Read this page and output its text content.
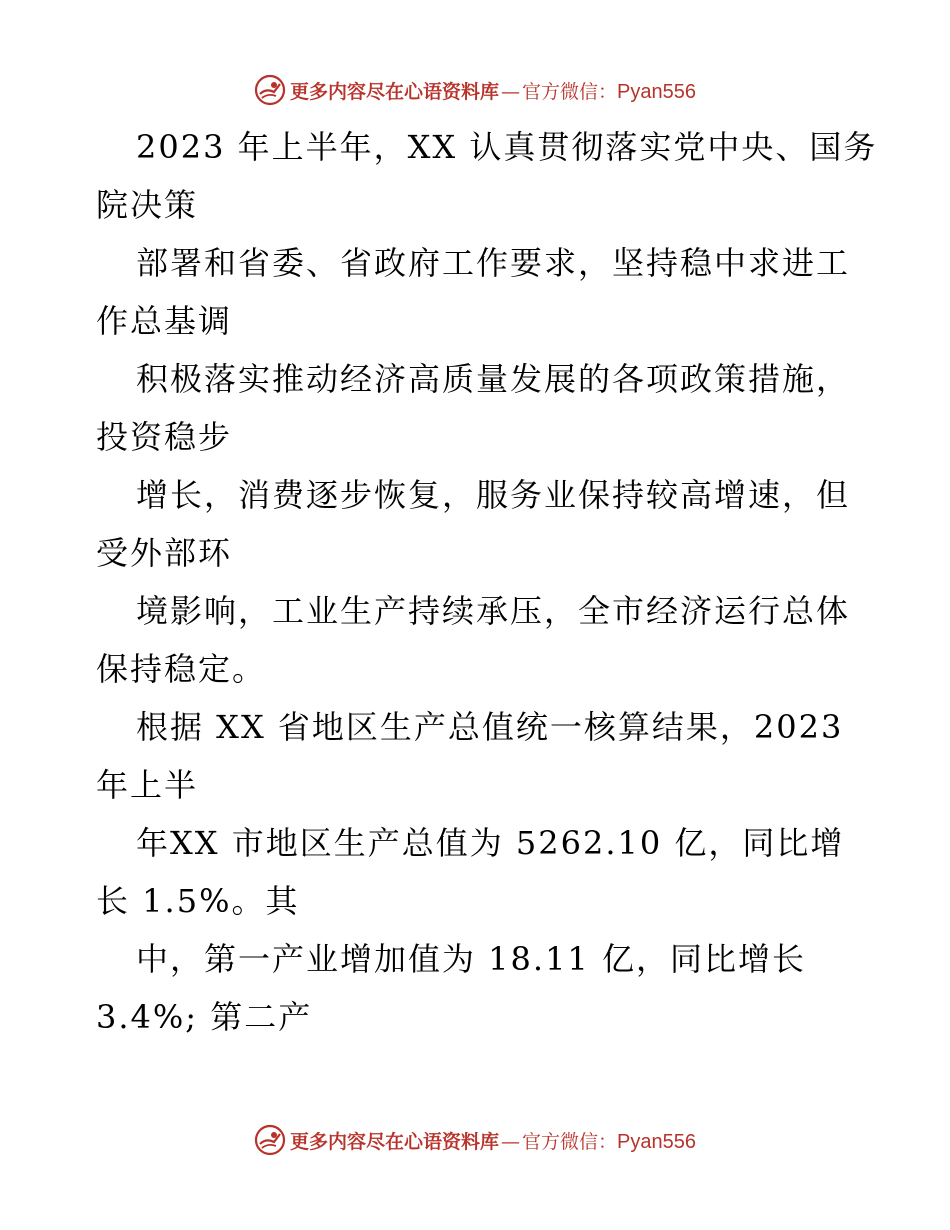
更多内容尽在心语资料库 — 官方微信： Pyan556
2023 年上半年，XX 认真贯彻落实党中央、国务
院决策
部署和省委、省政府工作要求，坚持稳中求进工
作总基调
积极落实推动经济高质量发展的各项政策措施，
投资稳步
增长，消费逐步恢复，服务业保持较高增速，但
受外部环
境影响，工业生产持续承压，全市经济运行总体
保持稳定。
根据 XX 省地区生产总值统一核算结果，2023
年上半
年XX 市地区生产总值为 5262.10 亿，同比增
长 1.5%。其
中，第一产业增加值为 18.11 亿，同比增长
3.4%; 第二产
更多内容尽在心语资料库 — 官方微信： Pyan556
